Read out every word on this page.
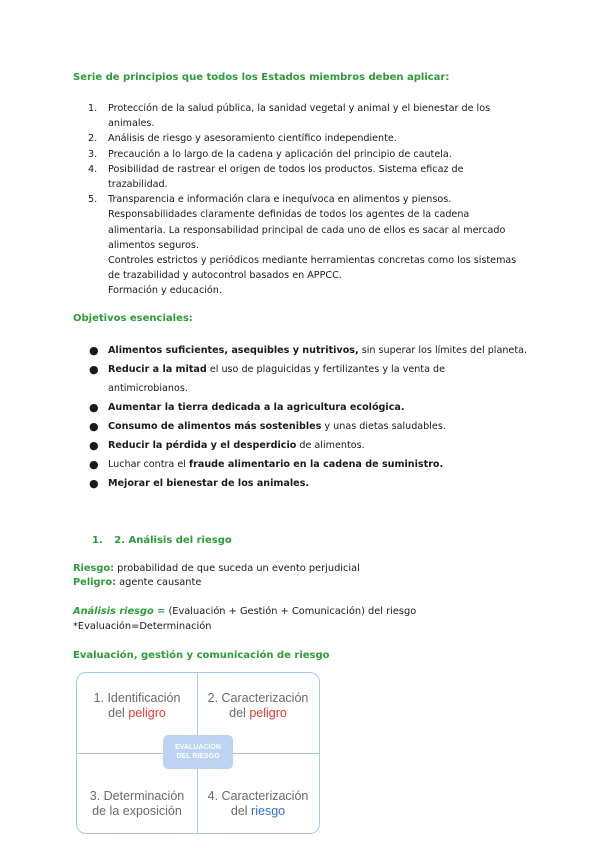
Serie de principios que todos los Estados miembros deben aplicar:
1. Protección de la salud pública, la sanidad vegetal y animal y el bienestar de los
animales.
2. Análisis de riesgo y asesoramiento científico independiente.
3. Precaución a lo largo de la cadena y aplicación del principio de cautela.
4. Posibilidad de rastrear el origen de todos los productos. Sistema eficaz de
trazabilidad.
5. Transparencia e información clara e inequívoca en alimentos y piensos.
Responsabilidades claramente definidas de todos los agentes de la cadena
alimentaria. La responsabilidad principal de cada uno de ellos es sacar al mercado
alimentos seguros.
Controles estrictos y periódicos mediante herramientas concretas como los sistemas
de trazabilidad y autocontrol basados en APPCC.
Formación y educación.
Objetivos esenciales:
● Alimentos suficientes, asequibles y nutritivos, sin superar los límites del planeta.
● Reducir a la mitad el uso de plaguicidas y fertilizantes y la venta de
antimicrobianos.
● Aumentar la tierra dedicada a la agricultura ecológica.
● Consumo de alimentos más sostenibles y unas dietas saludables.
● Reducir la pérdida y el desperdicio de alimentos.
● Luchar contra el fraude alimentario en la cadena de suministro.
● Mejorar el bienestar de los animales.
1. 2. Análisis del riesgo
Riesgo: probabilidad de que suceda un evento perjudicial
Peligro: agente causante
Análisis riesgo = (Evaluación + Gestión + Comunicación) del riesgo
*Evaluación=Determinación
Evaluación, gestión y comunicación de riesgo
1. Identificación
del peligro
2. Caracterización
del peligro
3. Determinación
de la exposición
4. Caracterización
del riesgo
EVALUACIÓN
DEL RIESGO
